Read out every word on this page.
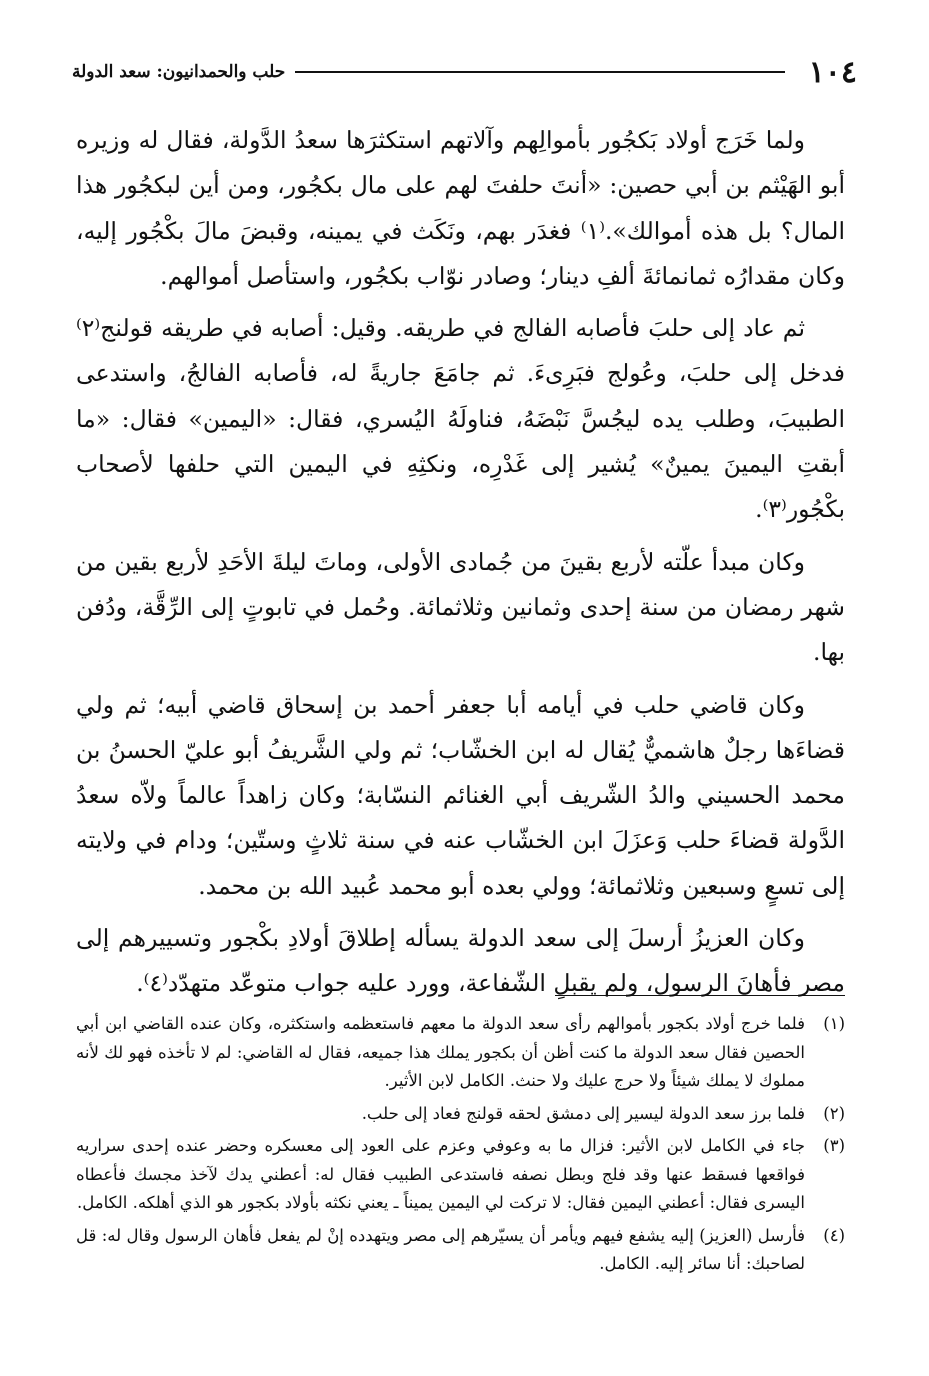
١٠٤
حلب والحمدانيون: سعد الدولة

ولما خَرَج أولاد بَكجُور بأموالِهم وآلاتهم استكثرَها سعدُ الدَّولة، فقال له وزيره أبو الهَيْثم بن أبي حصين: «أنتَ حلفتَ لهم على مال بكجُور، ومن أين لبكجُور هذا المال؟ بل هذه أموالك».⁽١⁾ فغدَر بهم، ونَكَث في يمينه، وقبضَ مالَ بكْجُور إليه، وكان مقدارُه ثمانمائةَ ألفِ دينار؛ وصادر نوّاب بكجُور، واستأصل أموالهم.

ثم عاد إلى حلبَ فأصابه الفالج في طريقه. وقيل: أصابه في طريقه قولنج⁽٢⁾ فدخل إلى حلبَ، وعُولج فبَرِىءَ. ثم جامَعَ جاريةً له، فأصابه الفالجُ، واستدعى الطبيبَ، وطلب يده ليجُسَّ نَبْضَهُ، فناولَهُ اليُسري، فقال: «اليمين» فقال: «ما أبقتِ اليمينَ يمينٌ» يُشير إلى غَدْرِه، ونكثِهِ في اليمين التي حلفها لأصحاب بكْجُور⁽٣⁾.

وكان مبدأ علّته لأربع بقينَ من جُمادى الأولى، وماتَ ليلةَ الأحَدِ لأربع بقين من شهر رمضان من سنة إحدى وثمانين وثلاثمائة. وحُمل في تابوتٍ إلى الرِّقَّة، ودُفن بها.

وكان قاضي حلب في أيامه أبا جعفر أحمد بن إسحاق قاضي أبيه؛ ثم ولي قضاءَها رجلٌ هاشميٌّ يُقال له ابن الخشّاب؛ ثم ولي الشَّريفُ أبو عليّ الحسنُ بن محمد الحسيني والدُ الشّريف أبي الغنائم النسّابة؛ وكان زاهداً عالماً ولاّه سعدُ الدَّولة قضاءَ حلب وَعزَلَ ابن الخشّاب عنه في سنة ثلاثٍ وستّين؛ ودام في ولايته إلى تسعٍ وسبعين وثلاثمائة؛ وولي بعده أبو محمد عُبيد الله بن محمد.

وكان العزيزُ أرسلَ إلى سعد الدولة يسأله إطلاقَ أولادِ بكْجور وتسييرهم إلى مصر فأهانَ الرسول، ولم يقبلِ الشّفاعة، وورد عليه جواب متوعّد متهدّد⁽٤⁾.

(١)
فلما خرج أولاد بكجور بأموالهم رأى سعد الدولة ما معهم فاستعظمه واستكثره، وكان عنده القاضي ابن أبي الحصين فقال سعد الدولة ما كنت أظن أن بكجور يملك هذا جميعه، فقال له القاضي: لم لا تأخذه فهو لك لأنه مملوك لا يملك شيئاً ولا حرج عليك ولا حنث. الكامل لابن الأثير.
(٢)
فلما برز سعد الدولة ليسير إلى دمشق لحقه قولنج فعاد إلى حلب.
(٣)
جاء في الكامل لابن الأثير: فزال ما به وعوفي وعزم على العود إلى معسكره وحضر عنده إحدى سراريه فواقعها فسقط عنها وقد فلج وبطل نصفه فاستدعى الطبيب فقال له: أعطني يدك لآخذ مجسك فأعطاه اليسرى فقال: أعطني اليمين فقال: لا تركت لي اليمين يميناً ـ يعني نكثه بأولاد بكجور هو الذي أهلكه. الكامل.
(٤)
فأرسل (العزيز) إليه يشفع فيهم ويأمر أن يسيّرهم إلى مصر ويتهدده إنْ لم يفعل فأهان الرسول وقال له: قل لصاحبك: أنا سائر إليه. الكامل.
